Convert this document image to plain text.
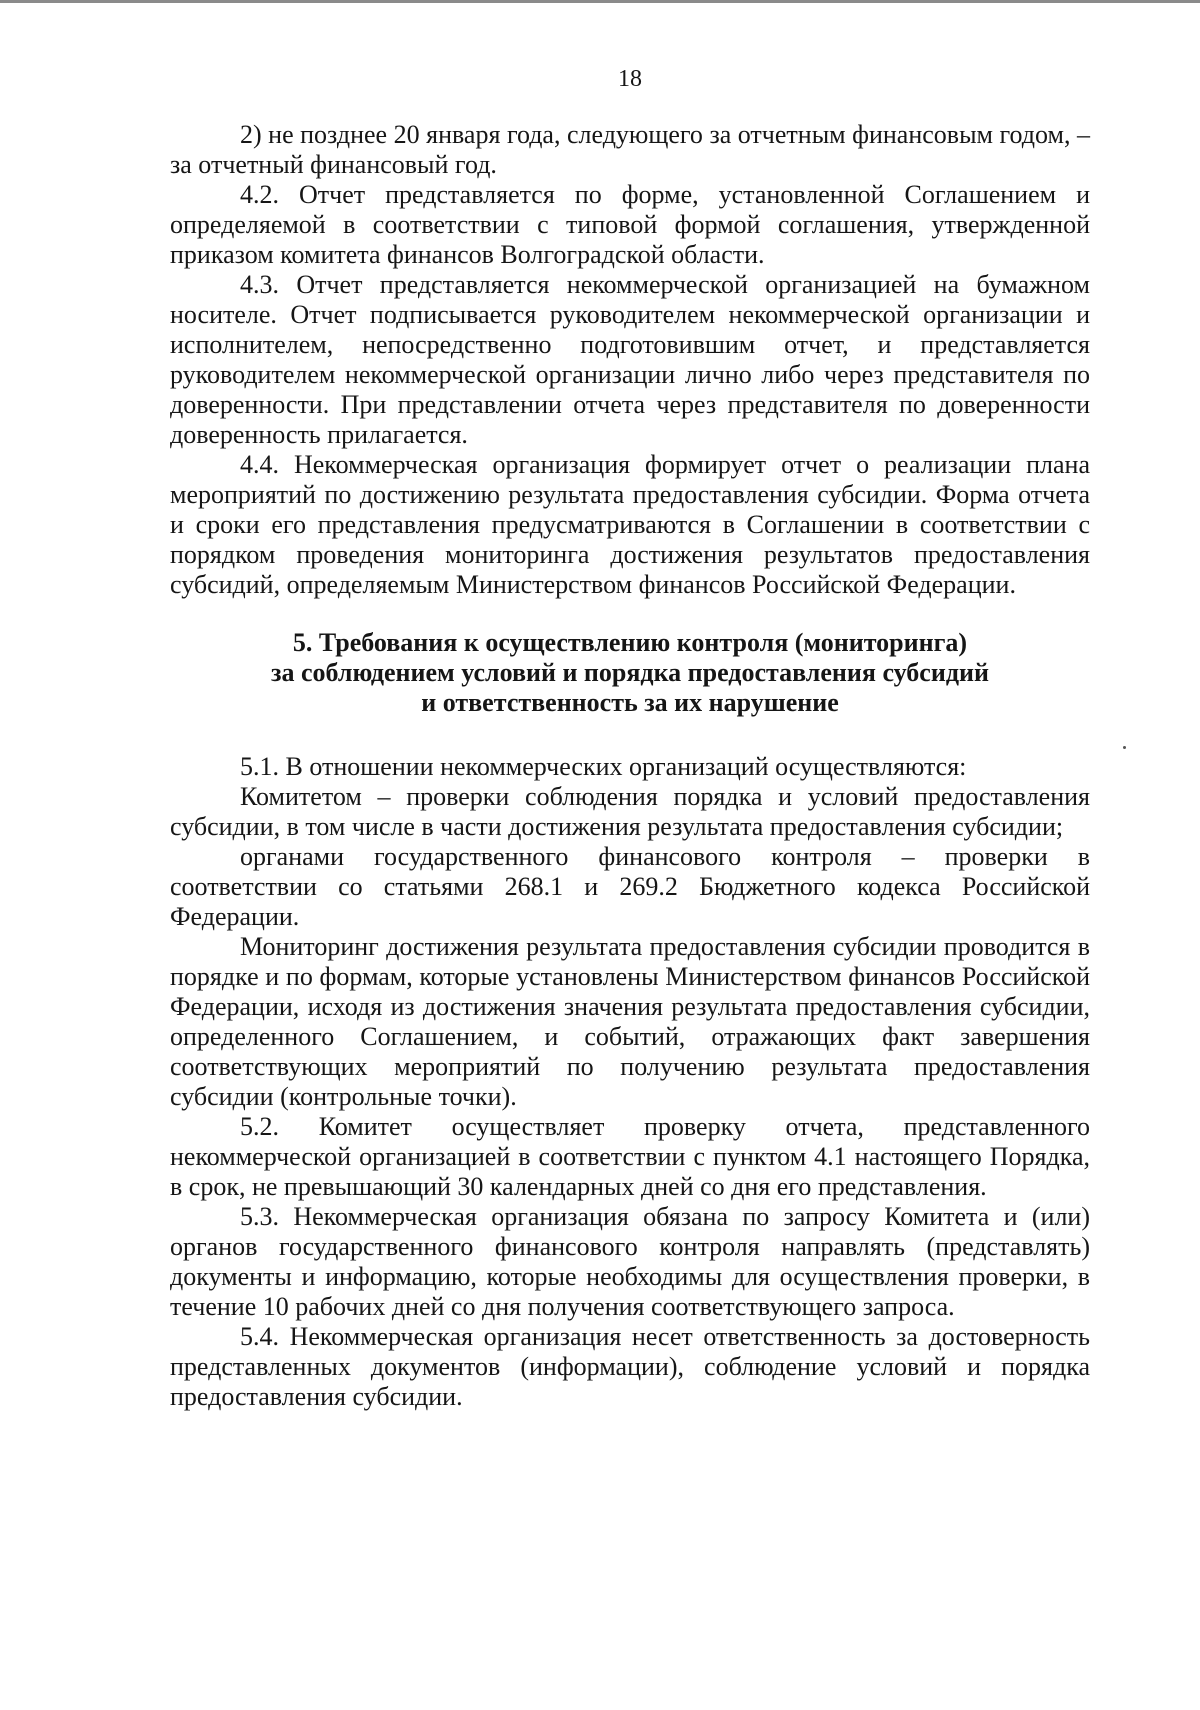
18

2) не позднее 20 января года, следующего за отчетным финансовым годом, – за отчетный финансовый год.

4.2. Отчет представляется по форме, установленной Соглашением и определяемой в соответствии с типовой формой соглашения, утвержденной приказом комитета финансов Волгоградской области.

4.3. Отчет представляется некоммерческой организацией на бумажном носителе. Отчет подписывается руководителем некоммерческой организации и исполнителем, непосредственно подготовившим отчет, и представляется руководителем некоммерческой организации лично либо через представителя по доверенности. При представлении отчета через представителя по доверенности доверенность прилагается.

4.4. Некоммерческая организация формирует отчет о реализации плана мероприятий по достижению результата предоставления субсидии. Форма отчета и сроки его представления предусматриваются в Соглашении в соответствии с порядком проведения мониторинга достижения результатов предоставления субсидий, определяемым Министерством финансов Российской Федерации.

5. Требования к осуществлению контроля (мониторинга)
за соблюдением условий и порядка предоставления субсидий
и ответственность за их нарушение

5.1. В отношении некоммерческих организаций осуществляются:

Комитетом – проверки соблюдения порядка и условий предоставления субсидии, в том числе в части достижения результата предоставления субсидии;

органами государственного финансового контроля – проверки в соответствии со статьями 268.1 и 269.2 Бюджетного кодекса Российской Федерации.

Мониторинг достижения результата предоставления субсидии проводится в порядке и по формам, которые установлены Министерством финансов Российской Федерации, исходя из достижения значения результата предоставления субсидии, определенного Соглашением, и событий, отражающих факт завершения соответствующих мероприятий по получению результата предоставления субсидии (контрольные точки).

5.2. Комитет осуществляет проверку отчета, представленного некоммерческой организацией в соответствии с пунктом 4.1 настоящего Порядка, в срок, не превышающий 30 календарных дней со дня его представления.

5.3. Некоммерческая организация обязана по запросу Комитета и (или) органов государственного финансового контроля направлять (представлять) документы и информацию, которые необходимы для осуществления проверки, в течение 10 рабочих дней со дня получения соответствующего запроса.

5.4. Некоммерческая организация несет ответственность за достоверность представленных документов (информации), соблюдение условий и порядка предоставления субсидии.
